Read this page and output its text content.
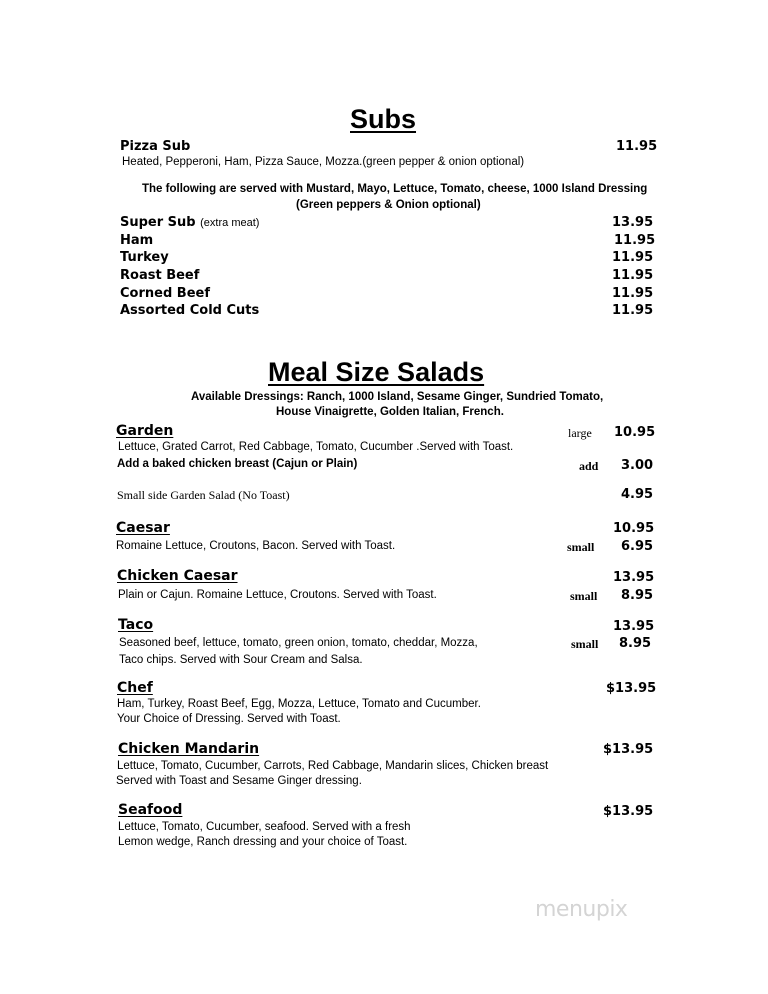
Subs
Pizza Sub	11.95
Heated, Pepperoni, Ham, Pizza Sauce, Mozza.(green pepper & onion optional)
The following are served with Mustard, Mayo, Lettuce, Tomato, cheese, 1000 Island Dressing
(Green peppers & Onion optional)
Super Sub (extra meat)	13.95
Ham	11.95
Turkey	11.95
Roast Beef	11.95
Corned Beef	11.95
Assorted Cold Cuts	11.95
Meal Size Salads
Available Dressings: Ranch, 1000 Island, Sesame Ginger, Sundried Tomato,
House Vinaigrette, Golden Italian, French.
Garden	large 10.95
Lettuce, Grated Carrot, Red Cabbage, Tomato, Cucumber .Served with Toast.
Add a baked chicken breast (Cajun or Plain)	add 3.00
Small side Garden Salad (No Toast)	4.95
Caesar	10.95
Romaine Lettuce, Croutons, Bacon. Served with Toast.	small 6.95
Chicken Caesar	13.95
Plain or Cajun. Romaine Lettuce, Croutons. Served with Toast.	small 8.95
Taco	13.95
Seasoned beef, lettuce, tomato, green onion, tomato, cheddar, Mozza,	small 8.95
Taco chips. Served with Sour Cream and Salsa.
Chef	$13.95
Ham, Turkey, Roast Beef, Egg, Mozza, Lettuce, Tomato and Cucumber.
Your Choice of Dressing. Served with Toast.
Chicken Mandarin	$13.95
Lettuce, Tomato, Cucumber, Carrots, Red Cabbage, Mandarin slices, Chicken breast
Served with Toast and Sesame Ginger dressing.
Seafood	$13.95
Lettuce, Tomato, Cucumber, seafood. Served with a fresh
Lemon wedge, Ranch dressing and your choice of Toast.
menupix
